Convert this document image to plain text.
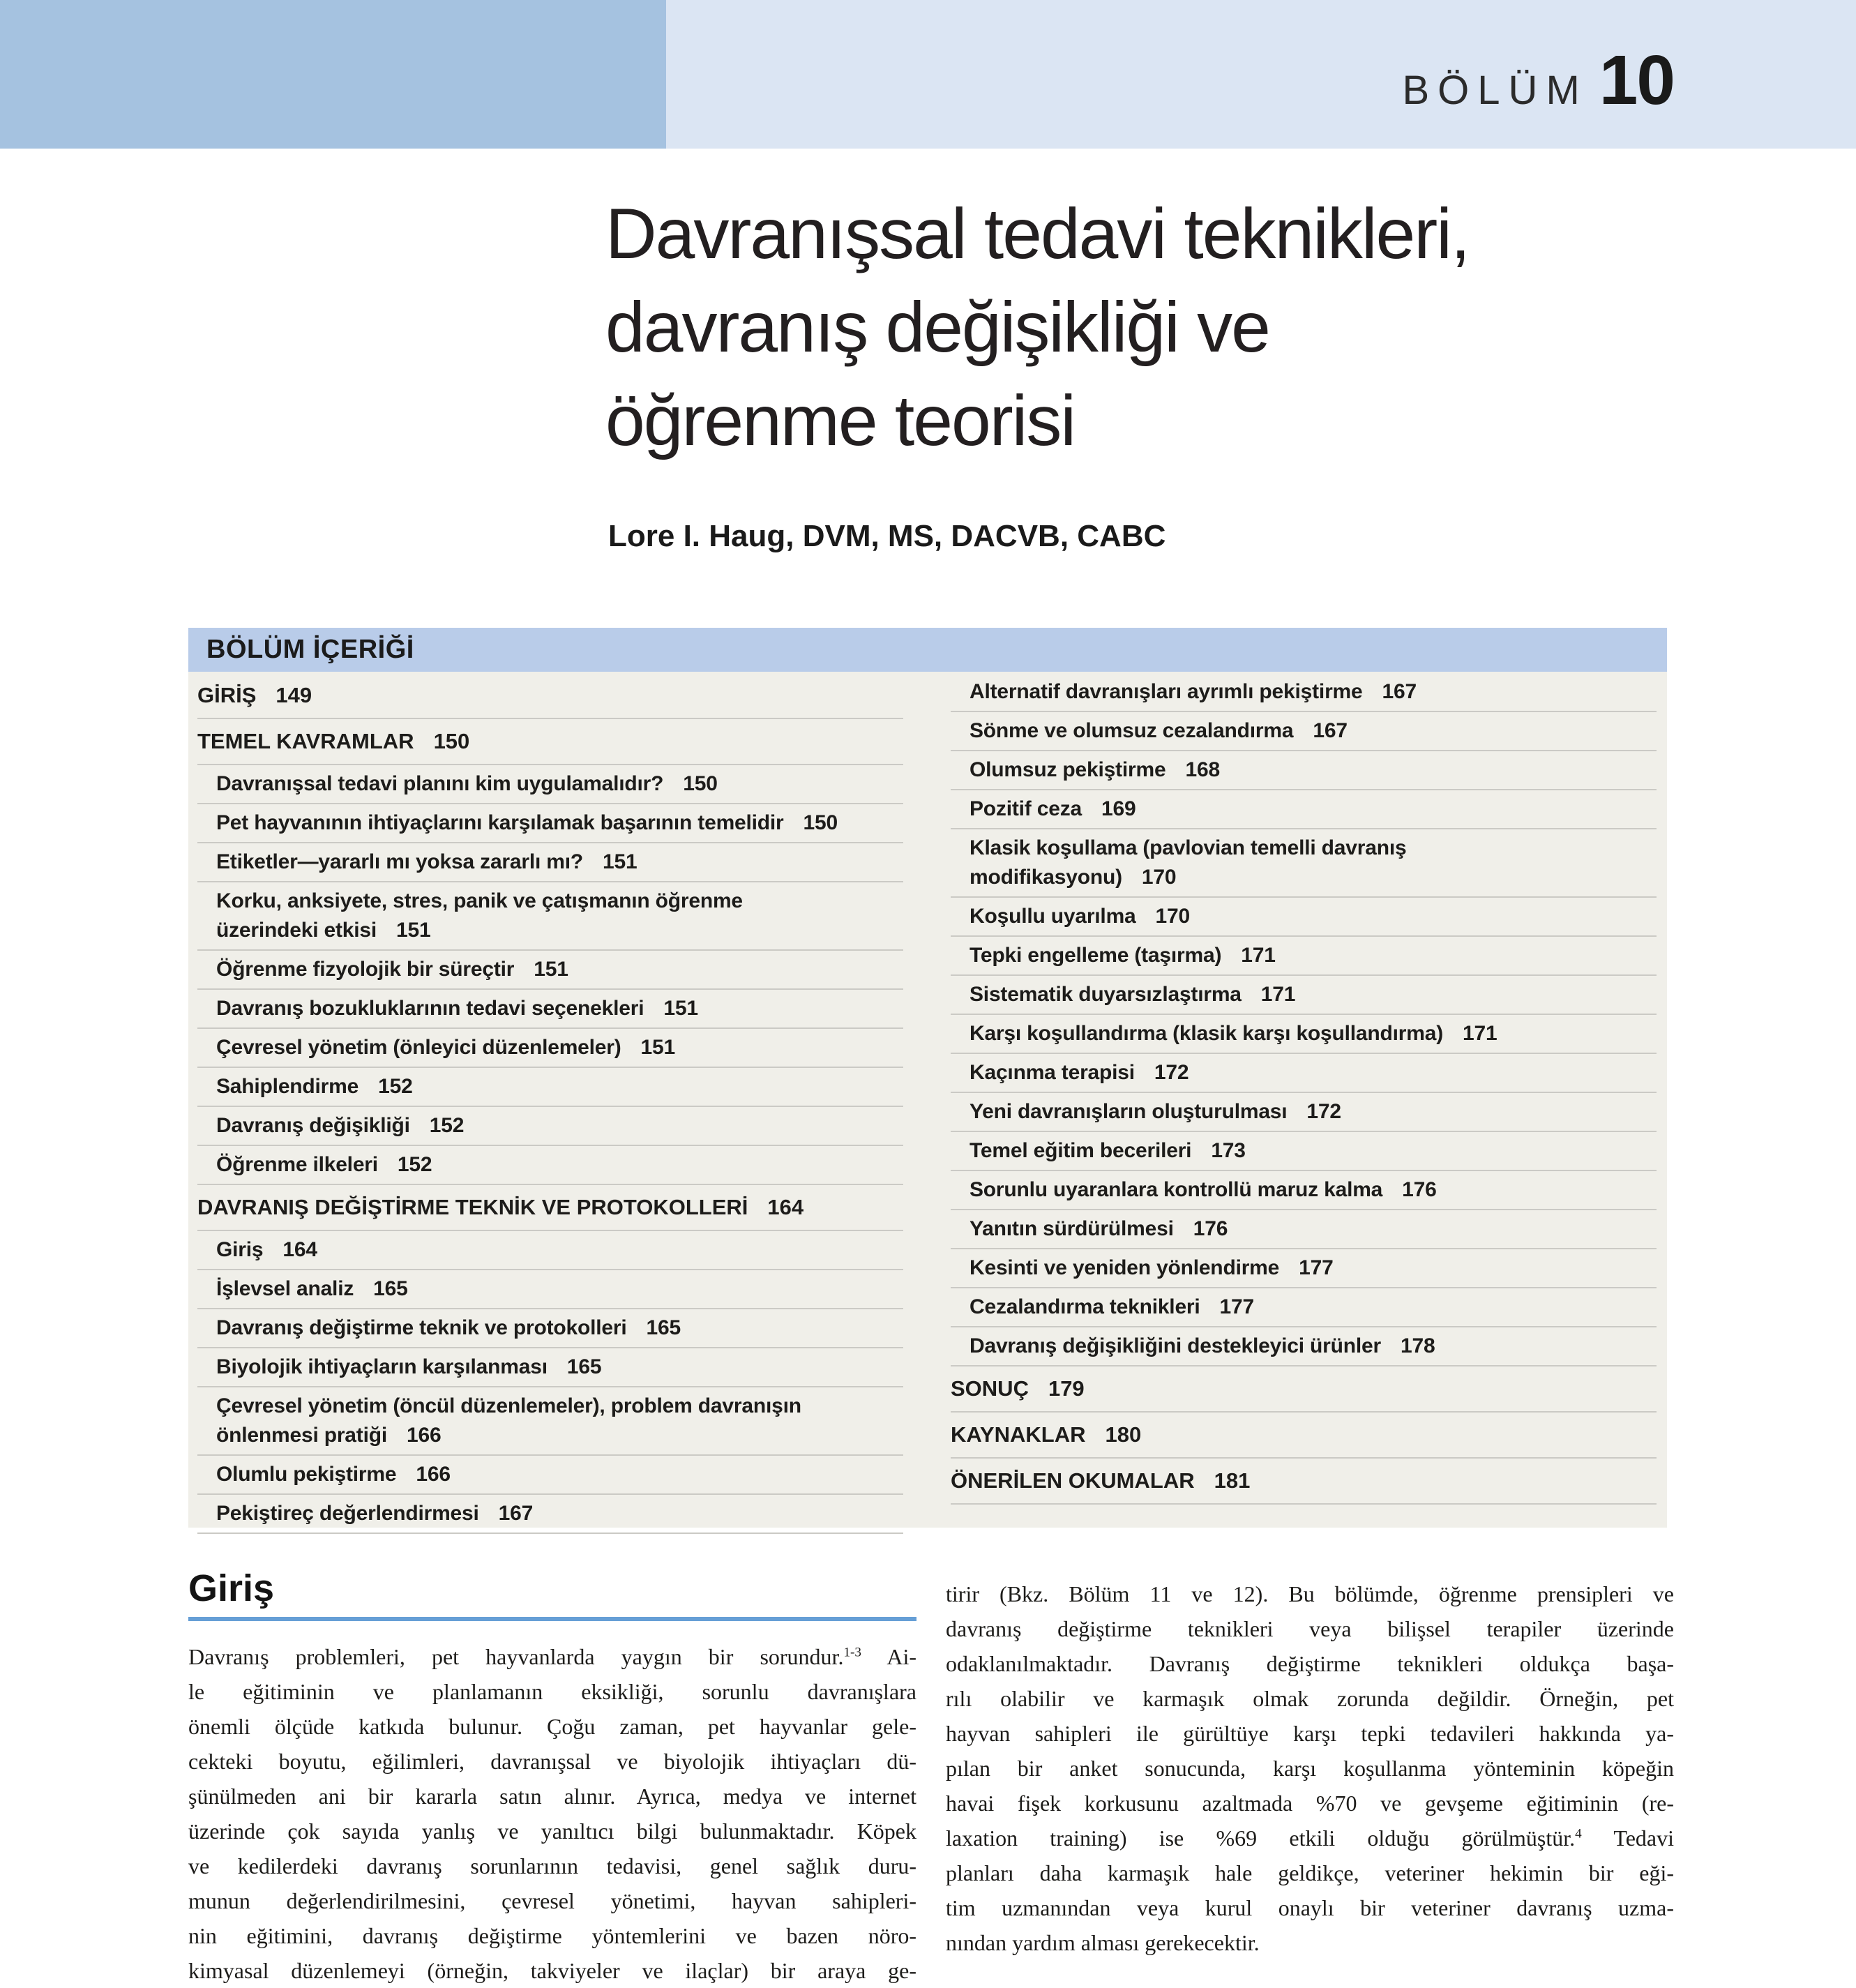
BÖLÜM 10
Davranışsal tedavi teknikleri,
davranış değişikliği ve
öğrenme teorisi
Lore I. Haug, DVM, MS, DACVB, CABC
BÖLÜM İÇERİĞİ
GİRİŞ 149
TEMEL KAVRAMLAR 150
Davranışsal tedavi planını kim uygulamalıdır? 150
Pet hayvanının ihtiyaçlarını karşılamak başarının temelidir 150
Etiketler—yararlı mı yoksa zararlı mı? 151
Korku, anksiyete, stres, panik ve çatışmanın öğrenme
üzerindeki etkisi 151
Öğrenme fizyolojik bir süreçtir 151
Davranış bozukluklarının tedavi seçenekleri 151
Çevresel yönetim (önleyici düzenlemeler) 151
Sahiplendirme 152
Davranış değişikliği 152
Öğrenme ilkeleri 152
DAVRANIŞ DEĞİŞTİRME TEKNİK VE PROTOKOLLERİ 164
Giriş 164
İşlevsel analiz 165
Davranış değiştirme teknik ve protokolleri 165
Biyolojik ihtiyaçların karşılanması 165
Çevresel yönetim (öncül düzenlemeler), problem davranışın
önlenmesi pratiği 166
Olumlu pekiştirme 166
Pekiştireç değerlendirmesi 167
Alternatif davranışları ayrımlı pekiştirme 167
Sönme ve olumsuz cezalandırma 167
Olumsuz pekiştirme 168
Pozitif ceza 169
Klasik koşullama (pavlovian temelli davranış
modifikasyonu) 170
Koşullu uyarılma 170
Tepki engelleme (taşırma) 171
Sistematik duyarsızlaştırma 171
Karşı koşullandırma (klasik karşı koşullandırma) 171
Kaçınma terapisi 172
Yeni davranışların oluşturulması 172
Temel eğitim becerileri 173
Sorunlu uyaranlara kontrollü maruz kalma 176
Yanıtın sürdürülmesi 176
Kesinti ve yeniden yönlendirme 177
Cezalandırma teknikleri 177
Davranış değişikliğini destekleyici ürünler 178
SONUÇ 179
KAYNAKLAR 180
ÖNERİLEN OKUMALAR 181
Giriş
Davranış problemleri, pet hayvanlarda yaygın bir sorundur.$^{1-3}$ Ai-
le eğitiminin ve planlamanın eksikliği, sorunlu davranışlara
önemli ölçüde katkıda bulunur. Çoğu zaman, pet hayvanlar gele-
cekteki boyutu, eğilimleri, davranışsal ve biyolojik ihtiyaçları dü-
şünülmeden ani bir kararla satın alınır. Ayrıca, medya ve internet
üzerinde çok sayıda yanlış ve yanıltıcı bilgi bulunmaktadır. Köpek
ve kedilerdeki davranış sorunlarının tedavisi, genel sağlık duru-
munun değerlendirilmesini, çevresel yönetimi, hayvan sahipleri-
nin eğitimini, davranış değiştirme yöntemlerini ve bazen nöro-
kimyasal düzenlemeyi (örneğin, takviyeler ve ilaçlar) bir araya ge-
tirir (Bkz. Bölüm 11 ve 12). Bu bölümde, öğrenme prensipleri ve
davranış değiştirme teknikleri veya bilişsel terapiler üzerinde
odaklanılmaktadır. Davranış değiştirme teknikleri oldukça başa-
rılı olabilir ve karmaşık olmak zorunda değildir. Örneğin, pet
hayvan sahipleri ile gürültüye karşı tepki tedavileri hakkında ya-
pılan bir anket sonucunda, karşı koşullanma yönteminin köpeğin
havai fişek korkusunu azaltmada %70 ve gevşeme eğitiminin (re-
laxation training) ise %69 etkili olduğu görülmüştür.$^4$ Tedavi
planları daha karmaşık hale geldikçe, veteriner hekimin bir eği-
tim uzmanından veya kurul onaylı bir veteriner davranış uzma-
nından yardım alması gerekecektir.
